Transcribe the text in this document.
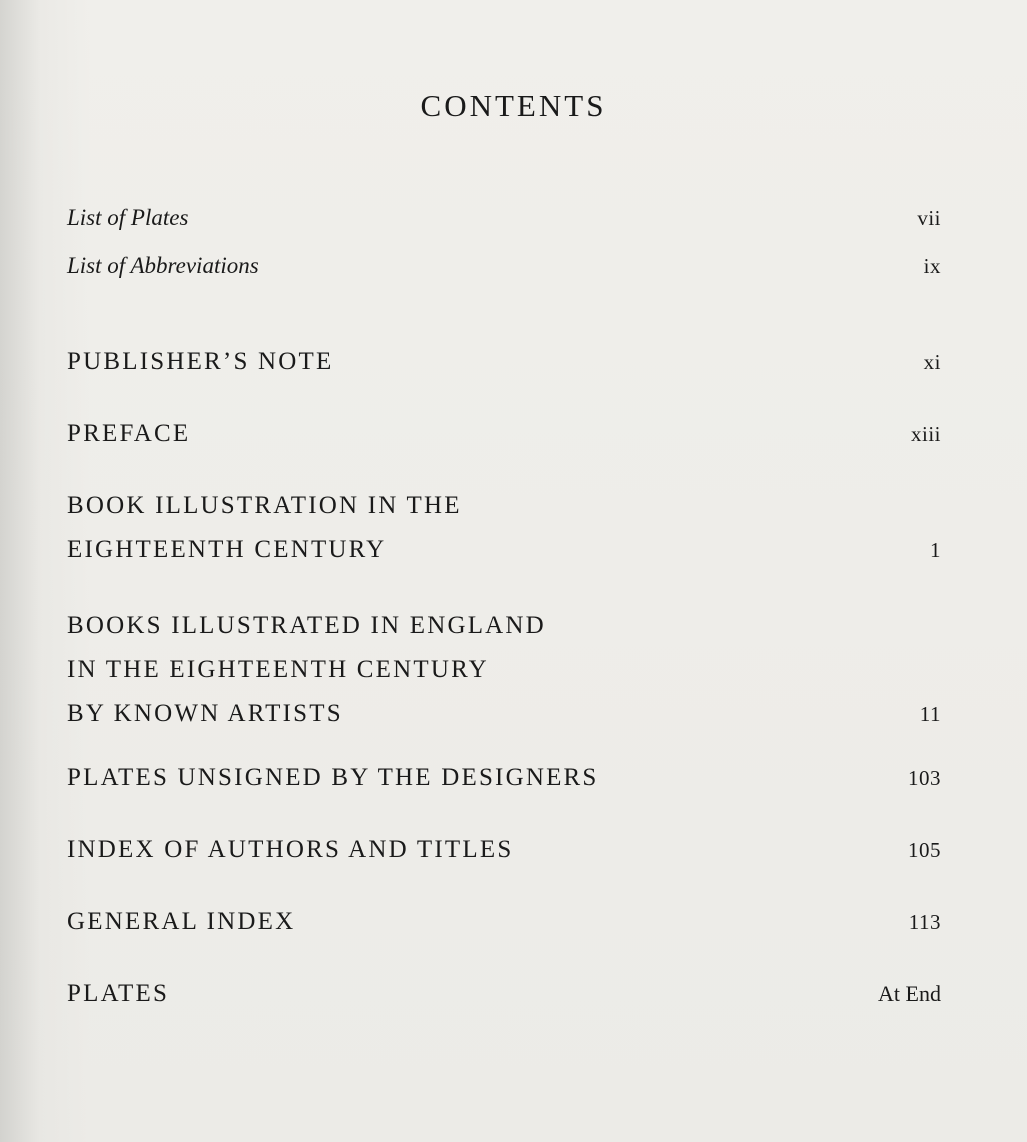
CONTENTS
List of Plates	vii
List of Abbreviations	ix
PUBLISHER’S NOTE	xi
PREFACE	xiii
BOOK ILLUSTRATION IN THE
EIGHTEENTH CENTURY	1
BOOKS ILLUSTRATED IN ENGLAND
IN THE EIGHTEENTH CENTURY
BY KNOWN ARTISTS	11
PLATES UNSIGNED BY THE DESIGNERS	103
INDEX OF AUTHORS AND TITLES	105
GENERAL INDEX	113
PLATES	At End
